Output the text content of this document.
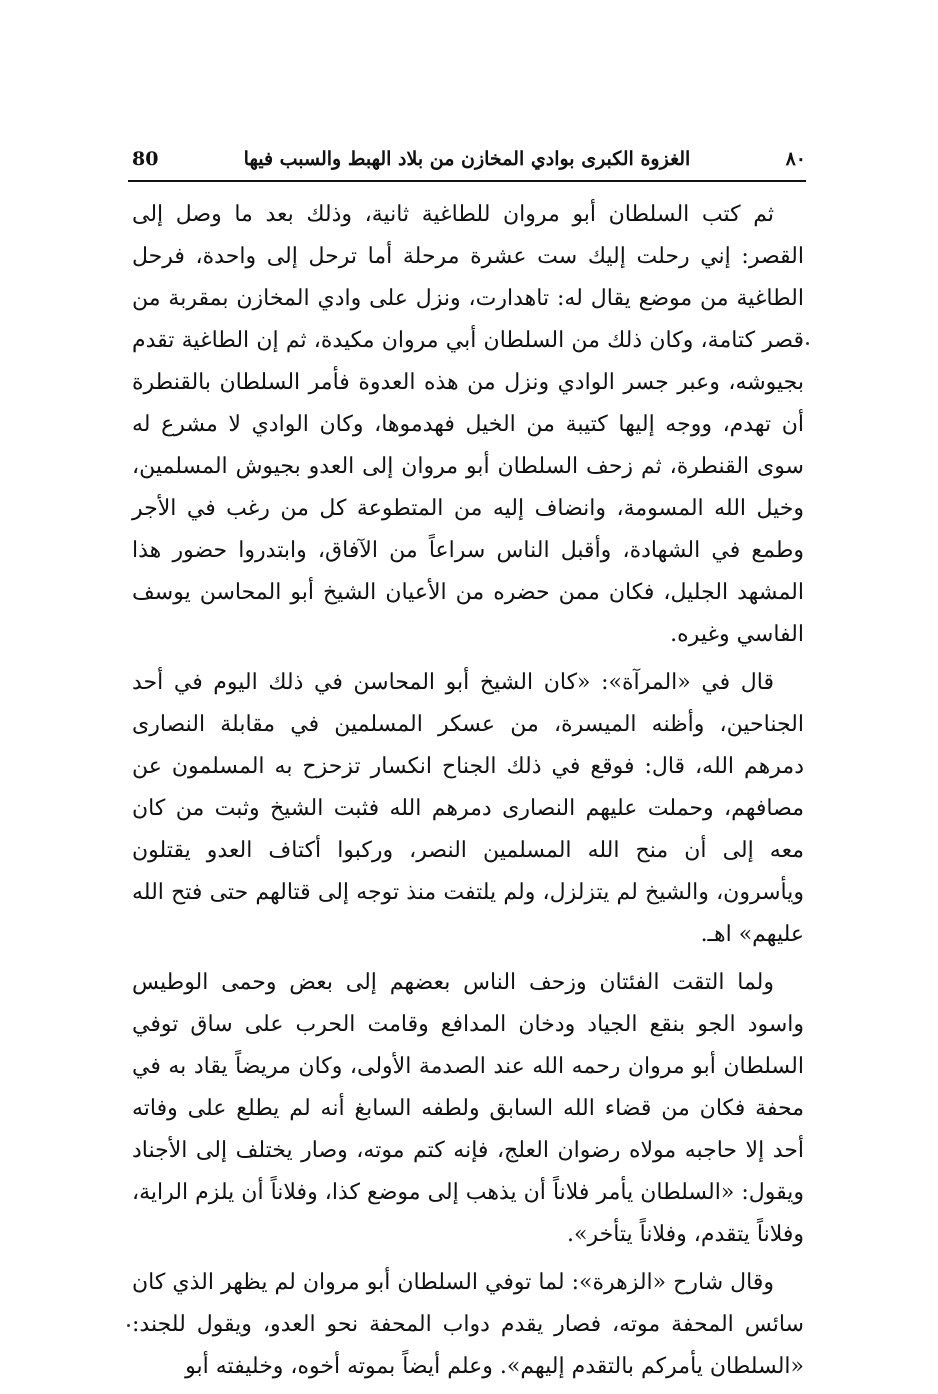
٨٠
الغزوة الكبرى بوادي المخازن من بلاد الهبط والسبب فيها
80

ثم كتب السلطان أبو مروان للطاغية ثانية، وذلك بعد ما وصل إلى القصر: إني رحلت إليك ست عشرة مرحلة أما ترحل إلى واحدة، فرحل الطاغية من موضع يقال له: تاهدارت، ونزل على وادي المخازن بمقربة من قصر كتامة، وكان ذلك من السلطان أبي مروان مكيدة، ثم إن الطاغية تقدم بجيوشه، وعبر جسر الوادي ونزل من هذه العدوة فأمر السلطان بالقنطرة أن تهدم، ووجه إليها كتيبة من الخيل فهدموها، وكان الوادي لا مشرع له سوى القنطرة، ثم زحف السلطان أبو مروان إلى العدو بجيوش المسلمين، وخيل الله المسومة، وانضاف إليه من المتطوعة كل من رغب في الأجر وطمع في الشهادة، وأقبل الناس سراعاً من الآفاق، وابتدروا حضور هذا المشهد الجليل، فكان ممن حضره من الأعيان الشيخ أبو المحاسن يوسف الفاسي وغيره.

قال في «المرآة»: «كان الشيخ أبو المحاسن في ذلك اليوم في أحد الجناحين، وأظنه الميسرة، من عسكر المسلمين في مقابلة النصارى دمرهم الله، قال: فوقع في ذلك الجناح انكسار تزحزح به المسلمون عن مصافهم، وحملت عليهم النصارى دمرهم الله فثبت الشيخ وثبت من كان معه إلى أن منح الله المسلمين النصر، وركبوا أكتاف العدو يقتلون ويأسرون، والشيخ لم يتزلزل، ولم يلتفت منذ توجه إلى قتالهم حتى فتح الله عليهم» اهـ.

ولما التقت الفئتان وزحف الناس بعضهم إلى بعض وحمى الوطيس واسود الجو بنقع الجياد ودخان المدافع وقامت الحرب على ساق توفي السلطان أبو مروان رحمه الله عند الصدمة الأولى، وكان مريضاً يقاد به في محفة فكان من قضاء الله السابق ولطفه السابغ أنه لم يطلع على وفاته أحد إلا حاجبه مولاه رضوان العلج، فإنه كتم موته، وصار يختلف إلى الأجناد ويقول: «السلطان يأمر فلاناً أن يذهب إلى موضع كذا، وفلاناً أن يلزم الراية، وفلاناً يتقدم، وفلاناً يتأخر».

وقال شارح «الزهرة»: لما توفي السلطان أبو مروان لم يظهر الذي كان سائس المحفة موته، فصار يقدم دواب المحفة نحو العدو، ويقول للجند: «السلطان يأمركم بالتقدم إليهم». وعلم أيضاً بموته أخوه، وخليفته أبو
